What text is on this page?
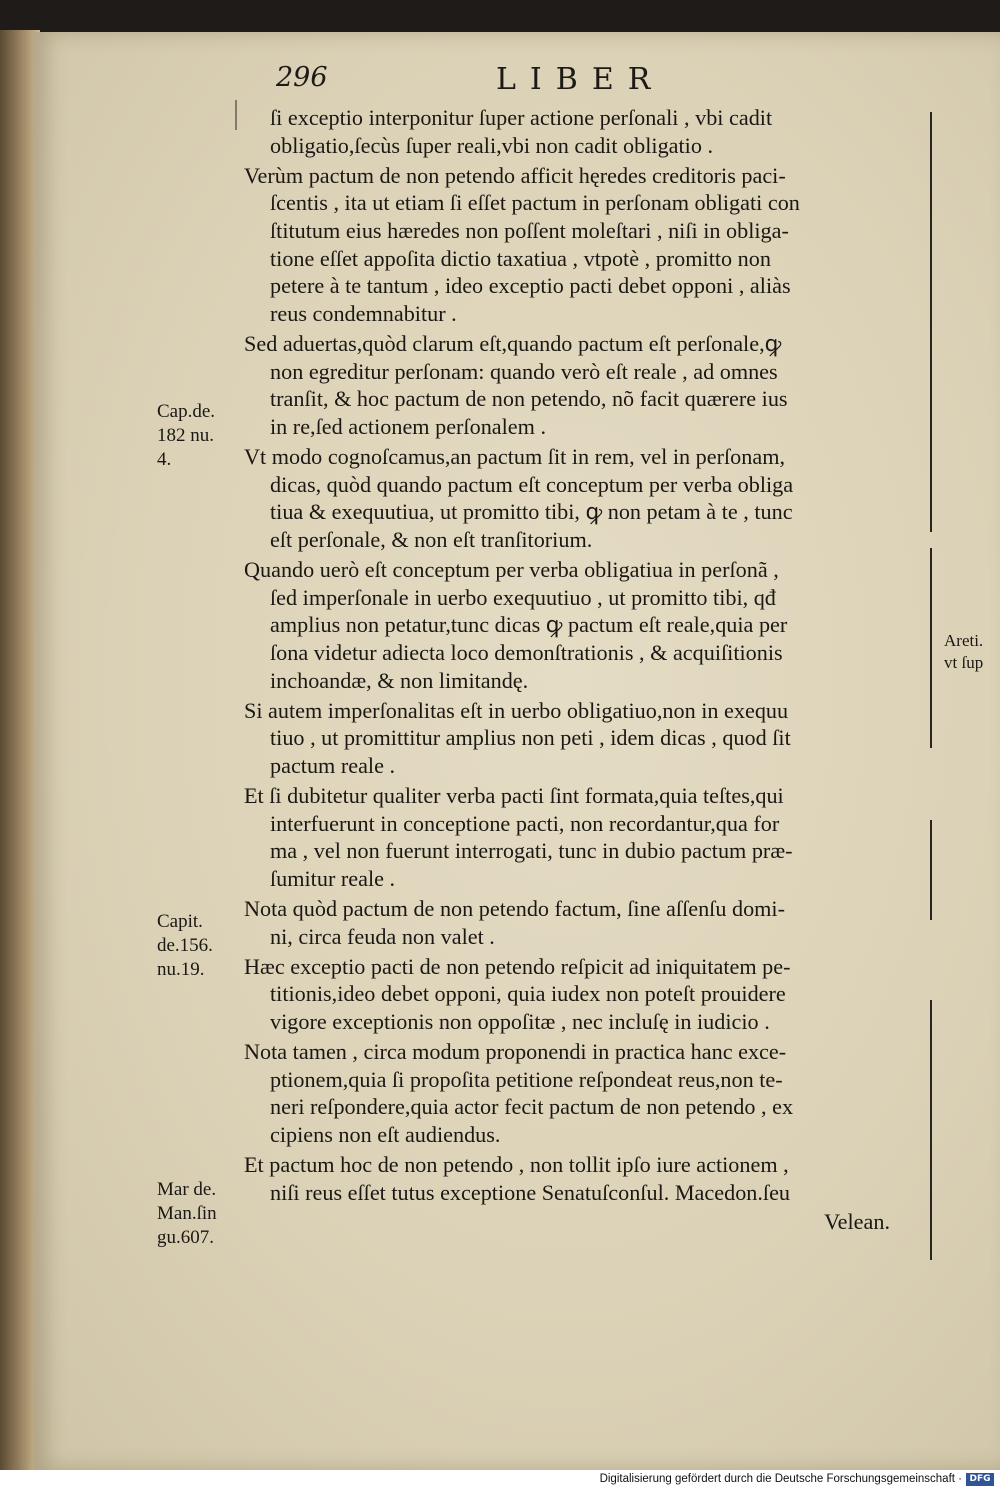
296	LIBER

ſi exceptio interponitur ſuper actione perſonali , vbi cadit
obligatio,ſecùs ſuper reali,vbi non cadit obligatio .

Verùm pactum de non petendo afficit hęredes creditoris paci-
ſcentis , ita ut etiam ſi eſſet pactum in perſonam obligati con
ſtitutum eius hæredes non poſſent moleſtari , niſi in obliga-
tione eſſet appoſita dictio taxatiua , vtpotè , promitto non
petere à te tantum , ideo exceptio pacti debet opponi , aliàs
reus condemnabitur .

Sed aduertas,quòd clarum eſt,quando pactum eſt perſonale,ꝙ
non egreditur perſonam: quando verò eſt reale , ad omnes
tranſit, & hoc pactum de non petendo, nõ facit quærere ius
in re,ſed actionem perſonalem .

Vt modo cognoſcamus,an pactum ſit in rem, vel in perſonam,
dicas, quòd quando pactum eſt conceptum per verba obliga
tiua & exequutiua, ut promitto tibi, ꝙ non petam à te , tunc
eſt perſonale, & non eſt tranſitorium.

Quando uerò eſt conceptum per verba obligatiua in perſonã ,
ſed imperſonale in uerbo exequutiuo , ut promitto tibi, qđ
amplius non petatur,tunc dicas ꝙ pactum eſt reale,quia per
ſona videtur adiecta loco demonſtrationis , & acquiſitionis
inchoandæ, & non limitandę.

Si autem imperſonalitas eſt in uerbo obligatiuo,non in exequu
tiuo , ut promittitur amplius non peti , idem dicas , quod ſit
pactum reale .

Et ſi dubitetur qualiter verba pacti ſint formata,quia teſtes,qui
interfuerunt in conceptione pacti, non recordantur,qua for
ma , vel non fuerunt interrogati, tunc in dubio pactum præ-
ſumitur reale .

Nota quòd pactum de non petendo factum, ſine aſſenſu domi-
ni, circa feuda non valet .

Hæc exceptio pacti de non petendo reſpicit ad iniquitatem pe-
titionis,ideo debet opponi, quia iudex non poteſt prouidere
vigore exceptionis non oppoſitæ , nec incluſę in iudicio .

Nota tamen , circa modum proponendi in practica hanc exce-
ptionem,quia ſi propoſita petitione reſpondeat reus,non te-
neri reſpondere,quia actor fecit pactum de non petendo , ex
cipiens non eſt audiendus.

Et pactum hoc de non petendo , non tollit ipſo iure actionem ,
niſi reus eſſet tutus exceptione Senatuſconſul. Macedon.ſeu

Velean.

Cap.de.
182 nu.
4.

Capit.
de.156.
nu.19.

Mar de.
Man.ſin
gu.607.

Areti.
vt ſup
Digitalisierung gefördert durch die Deutsche Forschungsgemeinschaft · DFG
